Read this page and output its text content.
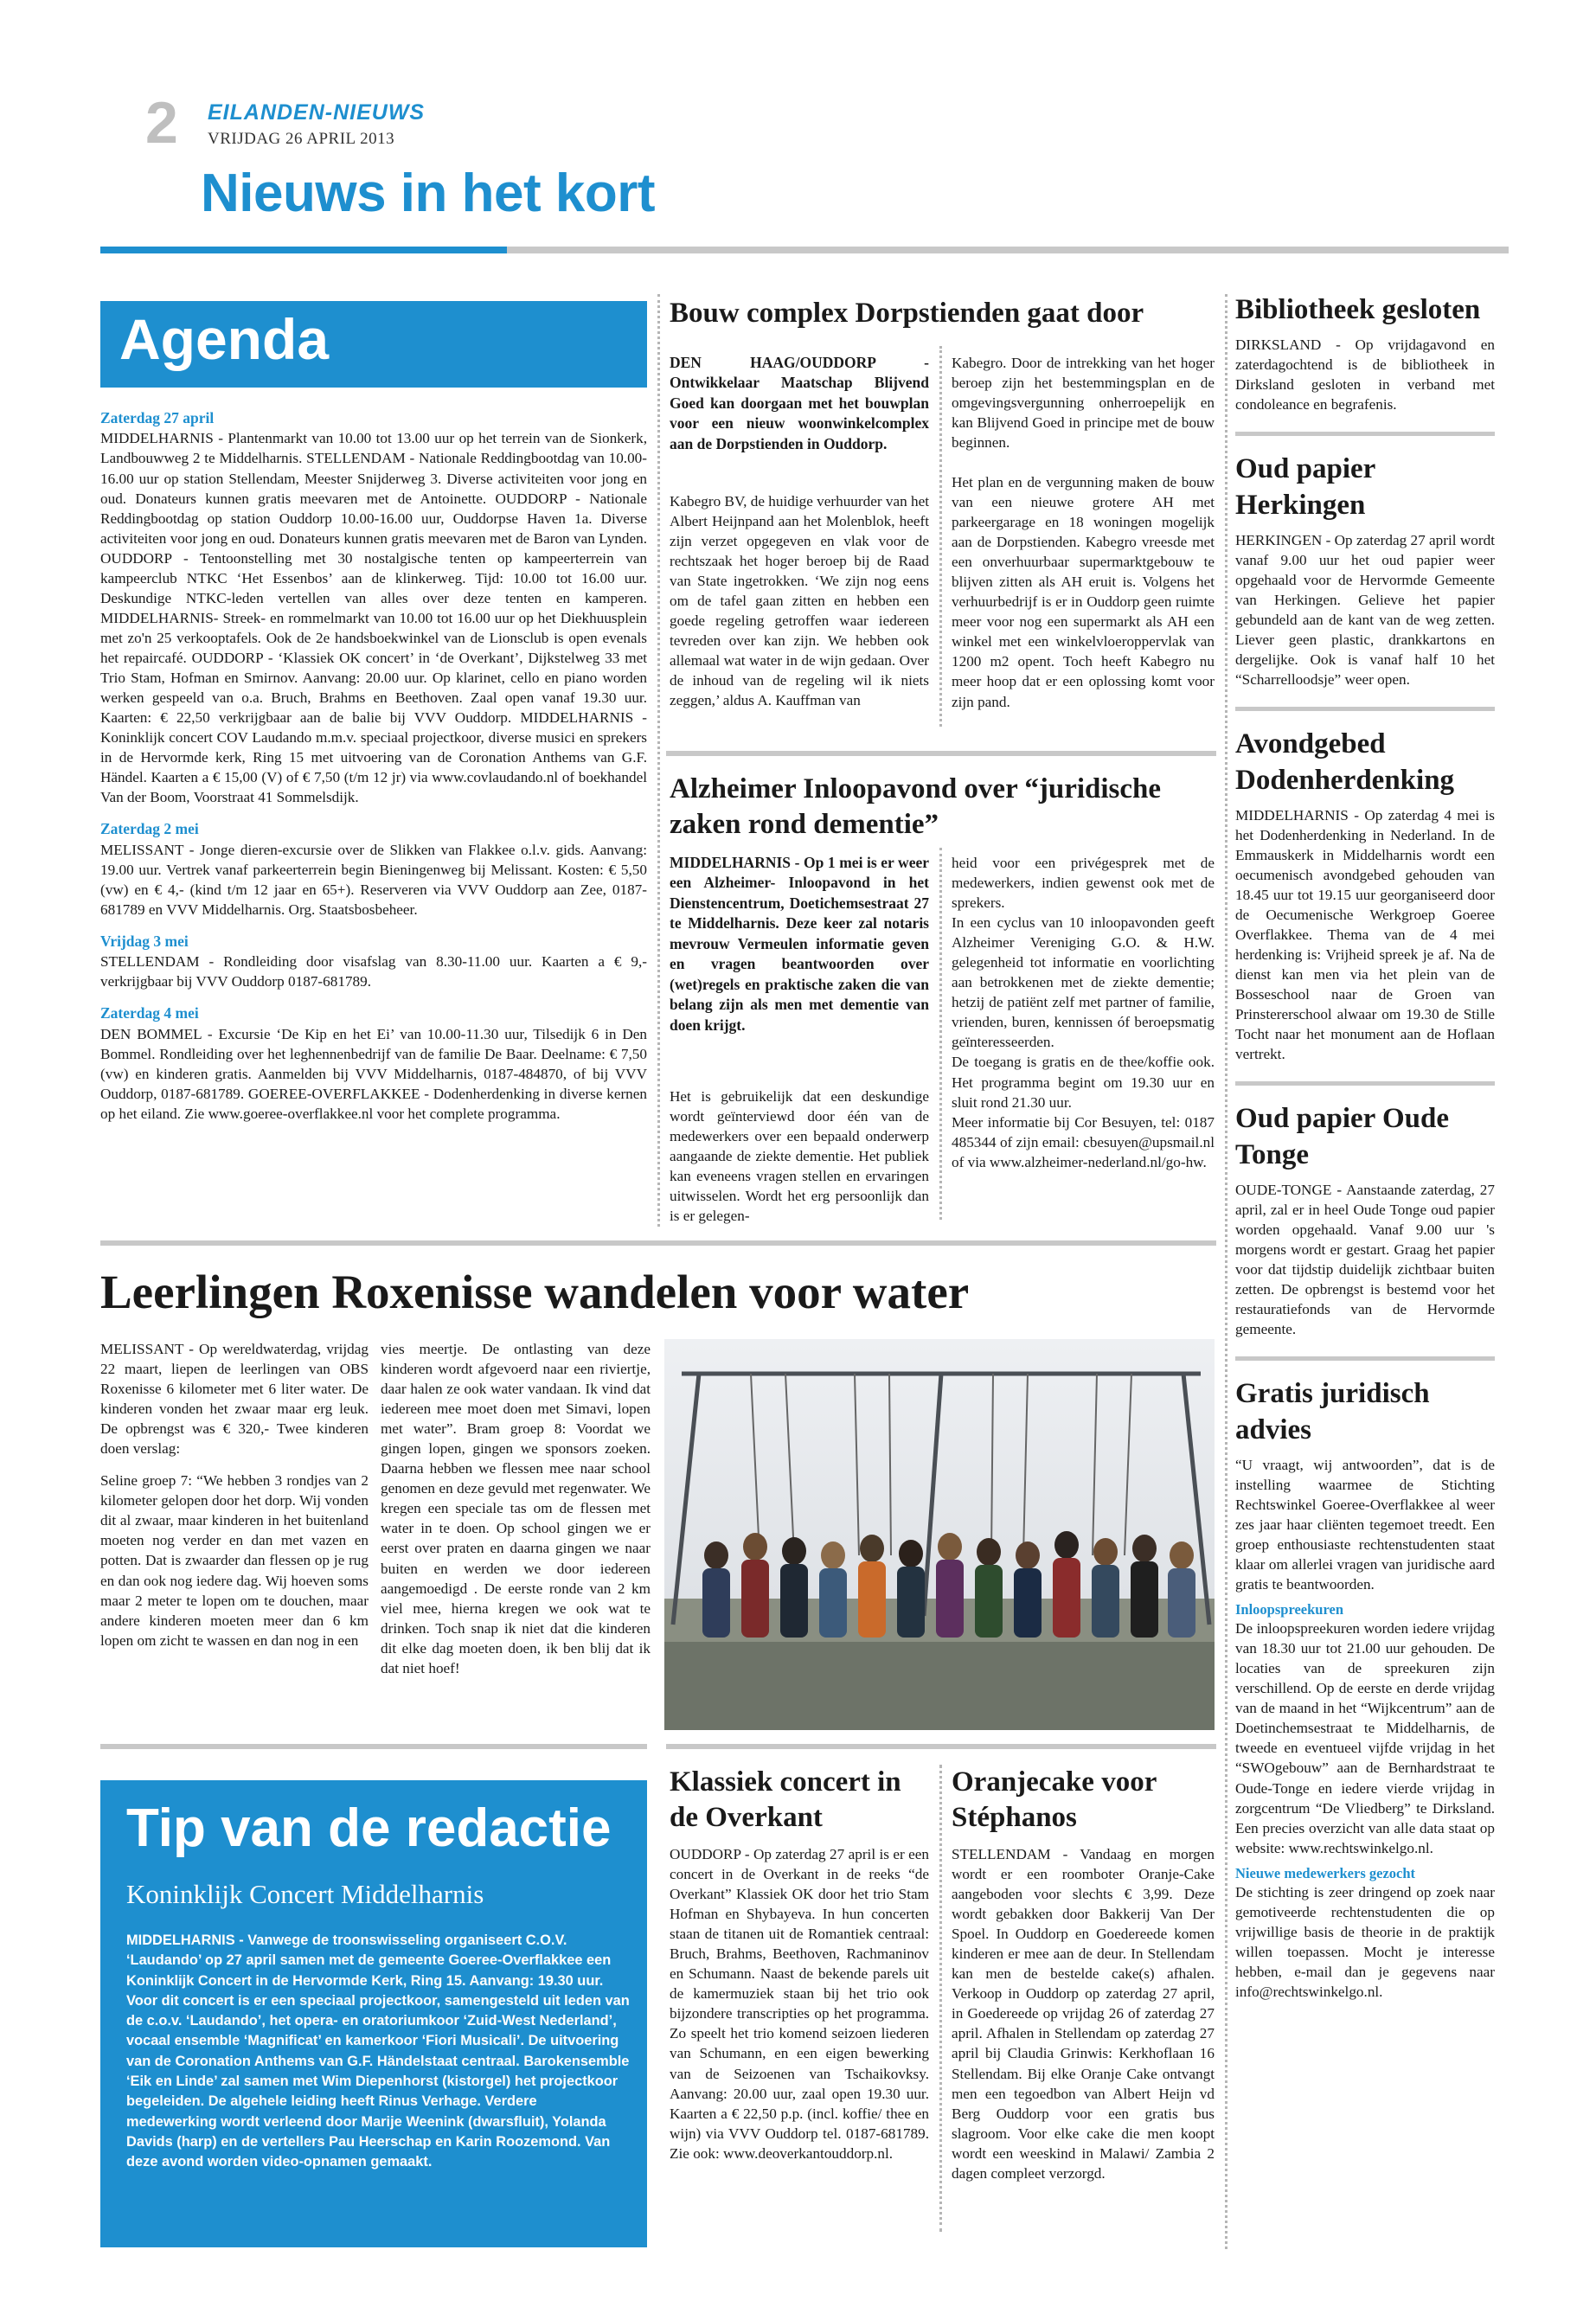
2 EILANDEN-NIEUWS
VRIJDAG 26 APRIL 2013
Nieuws in het kort
Agenda
Zaterdag 27 april
MIDDELHARNIS - Plantenmarkt van 10.00 tot 13.00 uur op het terrein van de Sionkerk, Landbouwweg 2 te Middelharnis. STELLENDAM - Nationale Reddingbootdag van 10.00-16.00 uur op station Stellendam, Meester Snijderweg 3. Diverse activiteiten voor jong en oud. Donateurs kunnen gratis meevaren met de Antoinette. OUDDORP - Nationale Reddingbootdag op station Ouddorp 10.00-16.00 uur, Ouddorpse Haven 1a. Diverse activiteiten voor jong en oud. Donateurs kunnen gratis meevaren met de Baron van Lynden. OUDDORP - Tentoonstelling met 30 nostalgische tenten op kampeerterrein van kampeerclub NTKC ‘Het Essenbos’ aan de klinkerweg. Tijd: 10.00 tot 16.00 uur. Deskundige NTKC-leden vertellen van alles over deze tenten en kamperen. MIDDELHARNIS- Streek- en rommelmarkt van 10.00 tot 16.00 uur op het Diekhuusplein met zo'n 25 verkooptafels. Ook de 2e handsboekwinkel van de Lionsclub is open evenals het repaircafé. OUDDORP - ‘Klassiek OK concert’ in ‘de Overkant’, Dijkstelweg 33 met Trio Stam, Hofman en Smirnov. Aanvang: 20.00 uur. Op klarinet, cello en piano worden werken gespeeld van o.a. Bruch, Brahms en Beethoven. Zaal open vanaf 19.30 uur. Kaarten: € 22,50 verkrijgbaar aan de balie bij VVV Ouddorp. MIDDELHARNIS - Koninklijk concert COV Laudando m.m.v. speciaal projectkoor, diverse musici en sprekers in de Hervormde kerk, Ring 15 met uitvoering van de Coronation Anthems van G.F. Händel. Kaarten a € 15,00 (V) of € 7,50 (t/m 12 jr) via www.covlaudando.nl of boekhandel Van der Boom, Voorstraat 41 Sommelsdijk.
Zaterdag 2 mei
MELISSANT - Jonge dieren-excursie over de Slikken van Flakkee o.l.v. gids. Aanvang: 19.00 uur. Vertrek vanaf parkeerterrein begin Bieningenweg bij Melissant. Kosten: € 5,50 (vw) en € 4,- (kind t/m 12 jaar en 65+). Reserveren via VVV Ouddorp aan Zee, 0187-681789 en VVV Middelharnis. Org. Staatsbosbeheer.
Vrijdag 3 mei
STELLENDAM - Rondleiding door visafslag van 8.30-11.00 uur. Kaarten a € 9,- verkrijgbaar bij VVV Ouddorp 0187-681789.
Zaterdag 4 mei
DEN BOMMEL - Excursie ‘De Kip en het Ei’ van 10.00-11.30 uur, Tilsedijk 6 in Den Bommel. Rondleiding over het leghennenbedrijf van de familie De Baar. Deelname: € 7,50 (vw) en kinderen gratis. Aanmelden bij VVV Middelharnis, 0187-484870, of bij VVV Ouddorp, 0187-681789. GOEREE-OVERFLAKKEE - Dodenherdenking in diverse kernen op het eiland. Zie www.goeree-overflakkee.nl voor het complete programma.
Bouw complex Dorpstienden gaat door
DEN HAAG/OUDDORP - Ontwikkelaar Maatschap Blijvend Goed kan doorgaan met het bouwplan voor een nieuw woonwinkelcomplex aan de Dorpstienden in Ouddorp.
Kabegro BV, de huidige verhuurder van het Albert Heijnpand aan het Molenblok, heeft zijn verzet opgegeven en vlak voor de rechtszaak het hoger beroep bij de Raad van State ingetrokken. ‘We zijn nog eens om de tafel gaan zitten en hebben een goede regeling getroffen waar iedereen tevreden over kan zijn. We hebben ook allemaal wat water in de wijn gedaan. Over de inhoud van de regeling wil ik niets zeggen,’ aldus A. Kauffman van
Kabegro. Door de intrekking van het hoger beroep zijn het bestemmingsplan en de omgevingsvergunning onherroepelijk en kan Blijvend Goed in principe met de bouw beginnen.
Het plan en de vergunning maken de bouw van een nieuwe grotere AH met parkeergarage en 18 woningen mogelijk aan de Dorpstienden. Kabegro vreesde met een onverhuurbaar supermarktgebouw te blijven zitten als AH eruit is. Volgens het verhuurbedrijf is er in Ouddorp geen ruimte meer voor nog een supermarkt als AH een winkel met een winkelvloeroppervlak van 1200 m2 opent. Toch heeft Kabegro nu meer hoop dat er een oplossing komt voor zijn pand.
Alzheimer Inloopavond over “juridische zaken rond dementie”
MIDDELHARNIS - Op 1 mei is er weer een Alzheimer- Inloopavond in het Dienstencentrum, Doetichemsestraat 27 te Middelharnis. Deze keer zal notaris mevrouw Vermeulen informatie geven en vragen beantwoorden over (wet)regels en praktische zaken die van belang zijn als men met dementie van doen krijgt.
Het is gebruikelijk dat een deskundige wordt geïnterviewd door één van de medewerkers over een bepaald onderwerp aangaande de ziekte dementie. Het publiek kan eveneens vragen stellen en ervaringen uitwisselen. Wordt het erg persoonlijk dan is er gelegen-
heid voor een privégesprek met de medewerkers, indien gewenst ook met de sprekers.
In een cyclus van 10 inloopavonden geeft Alzheimer Vereniging G.O. & H.W. gelegenheid tot informatie en voorlichting aan betrokkenen met de ziekte dementie; hetzij de patiënt zelf met partner of familie, vrienden, buren, kennissen óf beroepsmatig geïnteresseerden.
De toegang is gratis en de thee/koffie ook. Het programma begint om 19.30 uur en sluit rond 21.30 uur.
Meer informatie bij Cor Besuyen, tel: 0187 485344 of zijn email: cbesuyen@upsmail.nl of via www.alzheimer-nederland.nl/go-hw.
Bibliotheek gesloten
DIRKSLAND - Op vrijdagavond en zaterdagochtend is de bibliotheek in Dirksland gesloten in verband met condoleance en begrafenis.
Oud papier Herkingen
HERKINGEN - Op zaterdag 27 april wordt vanaf 9.00 uur het oud papier weer opgehaald voor de Hervormde Gemeente van Herkingen. Gelieve het papier gebundeld aan de kant van de weg zetten. Liever geen plastic, drankkartons en dergelijke. Ook is vanaf half 10 het “Scharrelloodsje” weer open.
Avondgebed Dodenherdenking
MIDDELHARNIS - Op zaterdag 4 mei is het Dodenherdenking in Nederland. In de Emmauskerk in Middelharnis wordt een oecumenisch avondgebed gehouden van 18.45 uur tot 19.15 uur georganiseerd door de Oecumenische Werkgroep Goeree Overflakkee. Thema van de 4 mei herdenking is: Vrijheid spreek je af. Na de dienst kan men via het plein van de Bosseschool naar de Groen van Prinstererschool alwaar om 19.30 de Stille Tocht naar het monument aan de Hoflaan vertrekt.
Oud papier Oude Tonge
OUDE-TONGE - Aanstaande zaterdag, 27 april, zal er in heel Oude Tonge oud papier worden opgehaald. Vanaf 9.00 uur 's morgens wordt er gestart. Graag het papier voor dat tijdstip duidelijk zichtbaar buiten zetten. De opbrengst is bestemd voor het restauratiefonds van de Hervormde gemeente.
Gratis juridisch advies
“U vraagt, wij antwoorden”, dat is de instelling waarmee de Stichting Rechtswinkel Goeree-Overflakkee al weer zes jaar haar cliënten tegemoet treedt. Een groep enthousiaste rechtenstudenten staat klaar om allerlei vragen van juridische aard gratis te beantwoorden.
Inloopspreekuren
De inloopspreekuren worden iedere vrijdag van 18.30 uur tot 21.00 uur gehouden. De locaties van de spreekuren zijn verschillend. Op de eerste en derde vrijdag van de maand in het “Wijkcentrum” aan de Doetinchemsestraat te Middelharnis, de tweede en eventueel vijfde vrijdag in het “SWOgebouw” aan de Bernhardstraat te Oude-Tonge en iedere vierde vrijdag in zorgcentrum “De Vliedberg” te Dirksland. Een precies overzicht van alle data staat op website: www.rechtswinkelgo.nl.
Nieuwe medewerkers gezocht
De stichting is zeer dringend op zoek naar gemotiveerde rechtenstudenten die op vrijwillige basis de theorie in de praktijk willen toepassen. Mocht je interesse hebben, e-mail dan je gegevens naar info@rechtswinkelgo.nl.
Leerlingen Roxenisse wandelen voor water
MELISSANT - Op wereldwaterdag, vrijdag 22 maart, liepen de leerlingen van OBS Roxenisse 6 kilometer met 6 liter water. De kinderen vonden het zwaar maar erg leuk. De opbrengst was € 320,- Twee kinderen doen verslag:
Seline groep 7: “We hebben 3 rondjes van 2 kilometer gelopen door het dorp. Wij vonden dit al zwaar, maar kinderen in het buitenland moeten nog verder en dan met vazen en potten. Dat is zwaarder dan flessen op je rug en dan ook nog iedere dag. Wij hoeven soms maar 2 meter te lopen om te douchen, maar andere kinderen moeten meer dan 6 km lopen om zicht te wassen en dan nog in een
vies meertje. De ontlasting van deze kinderen wordt afgevoerd naar een riviertje, daar halen ze ook water vandaan. Ik vind dat iedereen mee moet doen met Simavi, lopen met water”. Bram groep 8: Voordat we gingen lopen, gingen we sponsors zoeken. Daarna hebben we flessen mee naar school genomen en deze gevuld met regenwater. We kregen een speciale tas om de flessen met water in te doen. Op school gingen we er eerst over praten en daarna gingen we naar buiten en werden we door iedereen aangemoedigd . De eerste ronde van 2 km viel mee, hierna kregen we ook wat te drinken. Toch snap ik niet dat die kinderen dit elke dag moeten doen, ik ben blij dat ik dat niet hoef!
Tip van de redactie
Koninklijk Concert Middelharnis
MIDDELHARNIS - Vanwege de troonswisseling organiseert C.O.V. ‘Laudando’ op 27 april samen met de gemeente Goeree-Overflakkee een Koninklijk Concert in de Hervormde Kerk, Ring 15. Aanvang: 19.30 uur. Voor dit concert is er een speciaal projectkoor, samengesteld uit leden van de c.o.v. ‘Laudando’, het opera- en oratoriumkoor ‘Zuid-West Nederland’, vocaal ensemble ‘Magnificat’ en kamerkoor ‘Fiori Musicali’. De uitvoering van de Coronation Anthems van G.F. Händelstaat centraal. Barokensemble ‘Eik en Linde’ zal samen met Wim Diepenhorst (kistorgel) het projectkoor begeleiden. De algehele leiding heeft Rinus Verhage. Verdere medewerking wordt verleend door Marije Weenink (dwarsfluit), Yolanda Davids (harp) en de vertellers Pau Heerschap en Karin Roozemond. Van deze avond worden video-opnamen gemaakt.
Klassiek concert in de Overkant
OUDDORP - Op zaterdag 27 april is er een concert in de Overkant in de reeks “de Overkant” Klassiek OK door het trio Stam Hofman en Shybayeva. In hun concerten staan de titanen uit de Romantiek centraal: Bruch, Brahms, Beethoven, Rachmaninov en Schumann. Naast de bekende parels uit de kamermuziek staan bij het trio ook bijzondere transcripties op het programma. Zo speelt het trio komend seizoen liederen van Schumann, en een eigen bewerking van de Seizoenen van Tschaikovksy. Aanvang: 20.00 uur, zaal open 19.30 uur. Kaarten a € 22,50 p.p. (incl. koffie/ thee en wijn) via VVV Ouddorp tel. 0187-681789. Zie ook: www.deoverkantouddorp.nl.
Oranjecake voor Stéphanos
STELLENDAM - Vandaag en morgen wordt er een roomboter Oranje-Cake aangeboden voor slechts € 3,99. Deze wordt gebakken door Bakkerij Van Der Spoel. In Ouddorp en Goedereede komen kinderen er mee aan de deur. In Stellendam kan men de bestelde cake(s) afhalen. Verkoop in Ouddorp op zaterdag 27 april, in Goedereede op vrijdag 26 of zaterdag 27 april. Afhalen in Stellendam op zaterdag 27 april bij Claudia Grinwis: Kerkhoflaan 16 Stellendam. Bij elke Oranje Cake ontvangt men een tegoedbon van Albert Heijn vd Berg Ouddorp voor een gratis bus slagroom. Voor elke cake die men koopt wordt een weeskind in Malawi/ Zambia 2 dagen compleet verzorgd.
